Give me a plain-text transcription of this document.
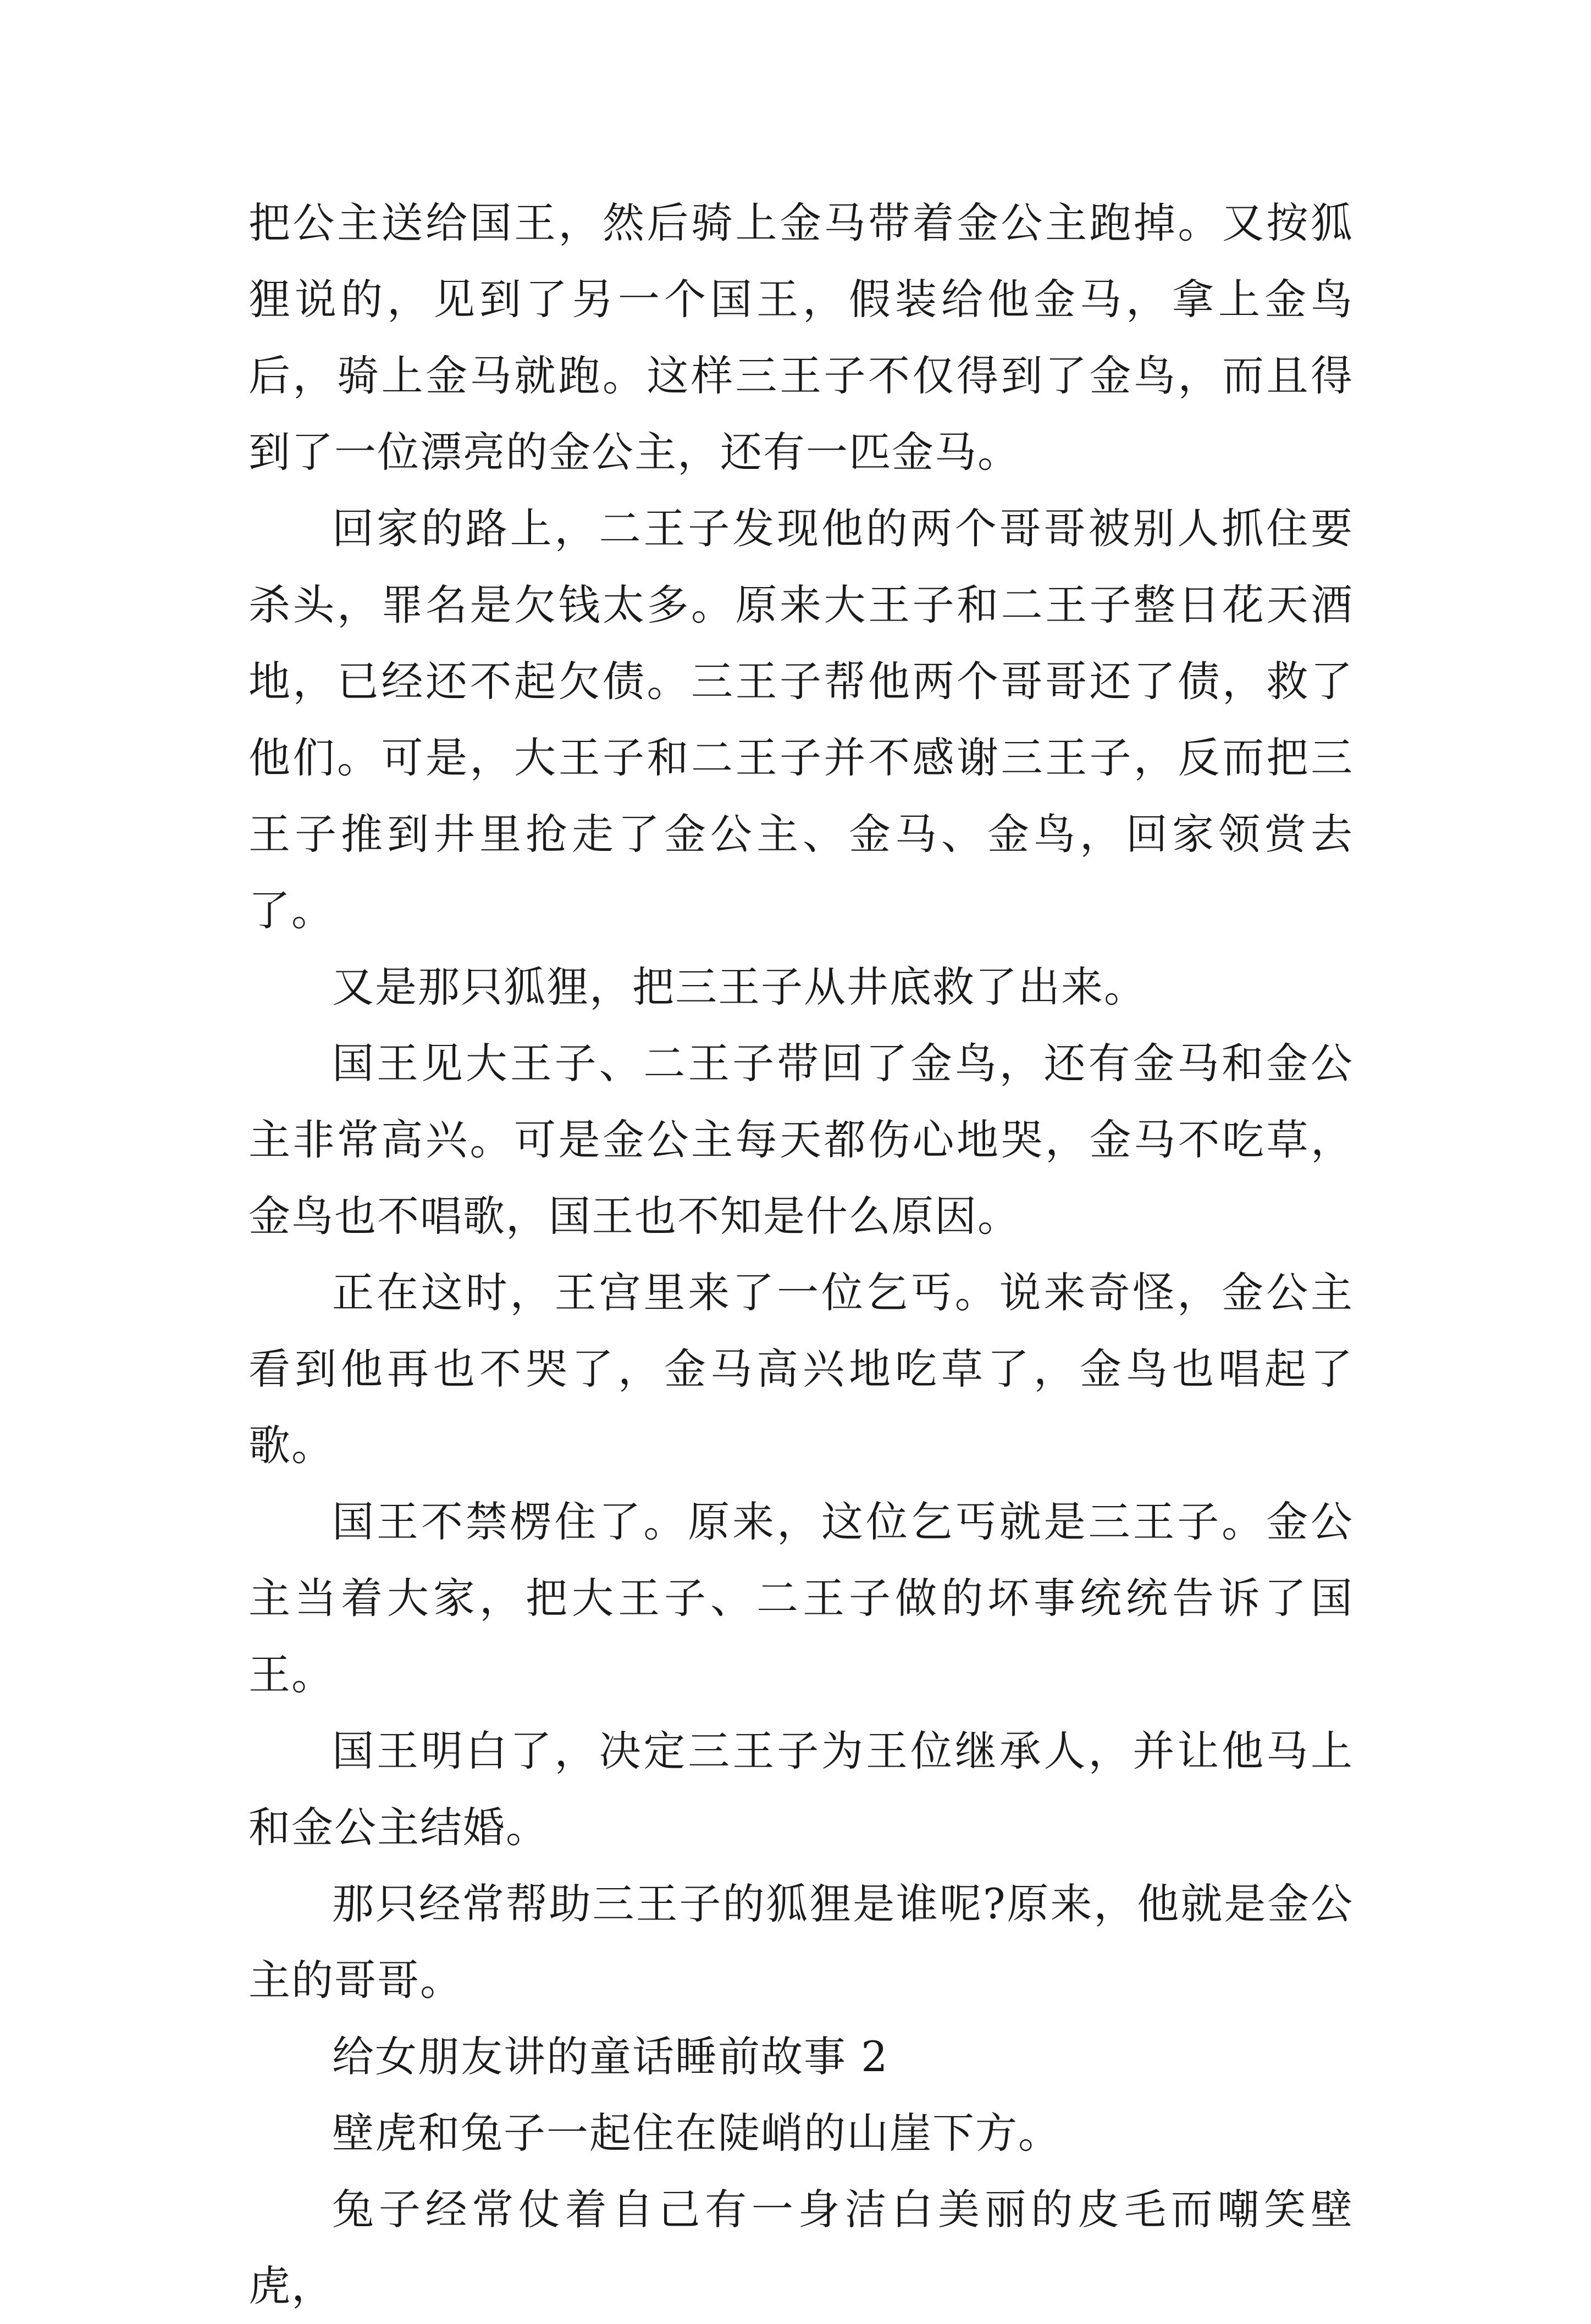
把公主送给国王，然后骑上金马带着金公主跑掉。又按狐狸说的，见到了另一个国王，假装给他金马，拿上金鸟后，骑上金马就跑。这样三王子不仅得到了金鸟，而且得到了一位漂亮的金公主，还有一匹金马。

回家的路上，二王子发现他的两个哥哥被别人抓住要杀头，罪名是欠钱太多。原来大王子和二王子整日花天酒地，已经还不起欠债。三王子帮他两个哥哥还了债，救了他们。可是，大王子和二王子并不感谢三王子，反而把三王子推到井里抢走了金公主、金马、金鸟，回家领赏去了。

又是那只狐狸，把三王子从井底救了出来。

国王见大王子、二王子带回了金鸟，还有金马和金公主非常高兴。可是金公主每天都伤心地哭，金马不吃草，金鸟也不唱歌，国王也不知是什么原因。

正在这时，王宫里来了一位乞丐。说来奇怪，金公主看到他再也不哭了，金马高兴地吃草了，金鸟也唱起了歌。

国王不禁楞住了。原来，这位乞丐就是三王子。金公主当着大家，把大王子、二王子做的坏事统统告诉了国王。

国王明白了，决定三王子为王位继承人，并让他马上和金公主结婚。

那只经常帮助三王子的狐狸是谁呢?原来，他就是金公主的哥哥。

给女朋友讲的童话睡前故事 2

壁虎和兔子一起住在陡峭的山崖下方。

兔子经常仗着自己有一身洁白美丽的皮毛而嘲笑壁虎，
